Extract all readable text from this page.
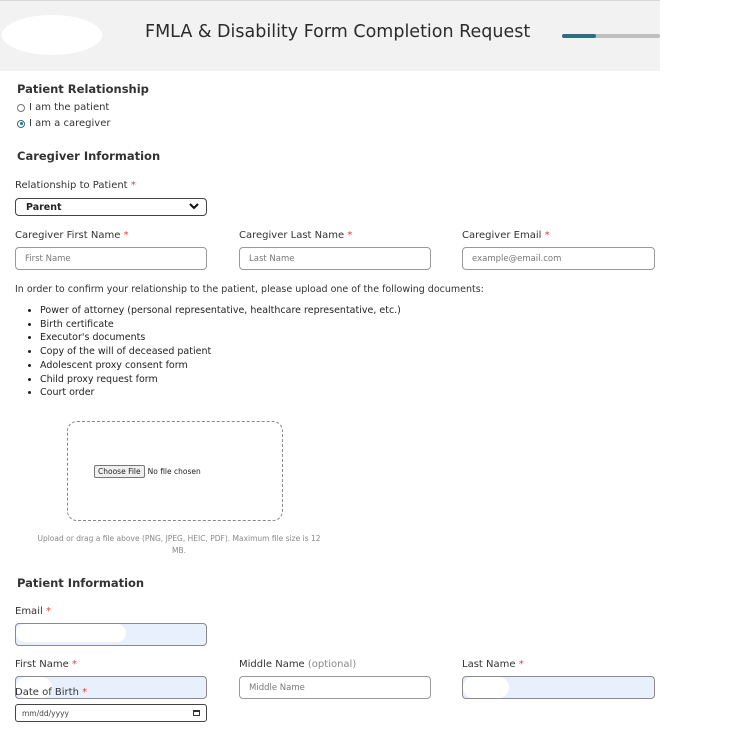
FMLA & Disability Form Completion Request
Patient Relationship
I am the patient
I am a caregiver
Caregiver Information
Relationship to Patient *
Parent
Caregiver First Name *
First Name
Caregiver Last Name *
Last Name
Caregiver Email *
example@email.com
In order to confirm your relationship to the patient, please upload one of the following documents:
• Power of attorney (personal representative, healthcare representative, etc.)
• Birth certificate
• Executor's documents
• Copy of the will of deceased patient
• Adolescent proxy consent form
• Child proxy request form
• Court order
Choose File No file chosen
Upload or drag a file above (PNG, JPEG, HEIC, PDF). Maximum file size is 12
MB.
Patient Information
Email *
First Name *	Middle Name (optional)
Middle Name
Last Name *
Date of Birth *
mm/dd/yyyy
